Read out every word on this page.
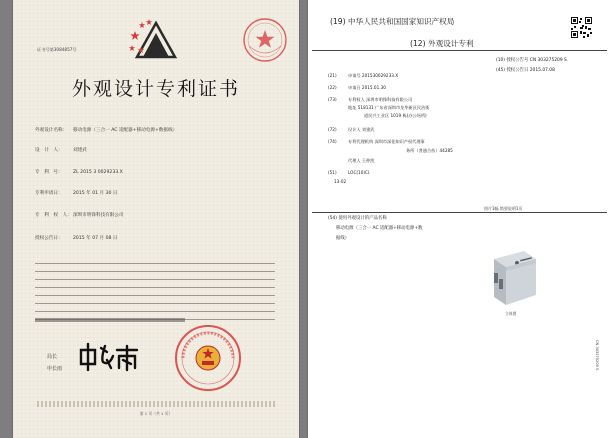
证书号第3084857号
外观设计专利证书
外观设计名称： 移动电源（三合一 AC 适配器+移动电源+数据线）
设　计　人： 刘建武
专　利　号： ZL 2015 3 0029233.X
专利申请日： 2015 年 01 月 30 日
专　利　权　人：深圳市明锋科技有限公司
授权公告日： 2015 年 07 月 08 日
局长
申长雨
第 1 页（共 1 页）
(19) 中华人民共和国国家知识产权局
(12) 外观设计专利
(10) 授权公告号 CN 303275209 S
(45) 授权公告日 2015.07.08
(21)	申请号 201530029233.X
(22)	申请日 2015.01.30
(73)	专利权人 深圳市明锋科技有限公司
地址 518131 广东省深圳市龙华新区民治街
道民兴工业区 1019 栋(办公场所)
(72)	设计人 刘建武
(74)	专利代理机构 深圳市深佳知识产权代理事
务所（普通合伙）44285
代理人 王仲凯
(51)	LOC(10)Cl.
13-02
图片1幅 简要说明1页
(54) 使用外观设计的产品名称
移动电源（三合一 AC 适配器+移动电源+数
据线）
立体图
CN 303275209 S
